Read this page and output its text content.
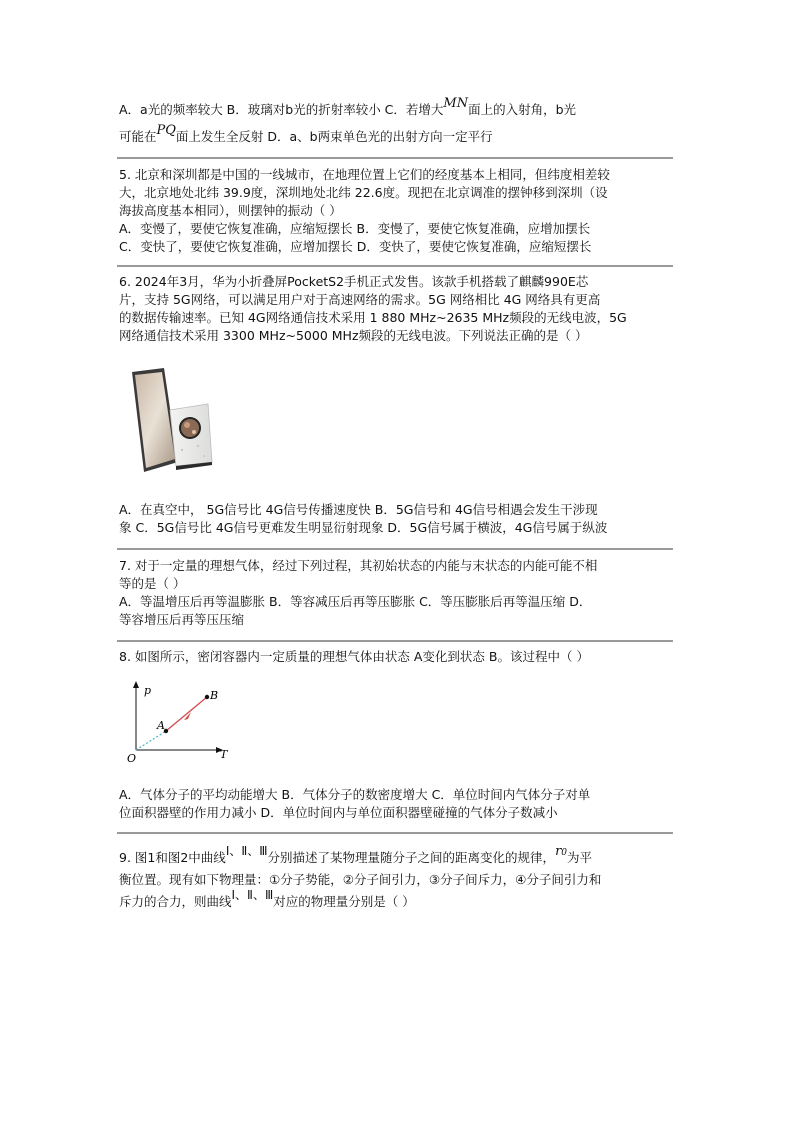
A．a光的频率较大 B．玻璃对b光的折射率较小 C．若增大MN面上的入射角，b光
可能在PQ面上发生全反射 D．a、b两束单色光的出射方向一定平行
5. 北京和深圳都是中国的一线城市，在地理位置上它们的经度基本上相同，但纬度相差较
大，北京地处北纬 39.9度，深圳地处北纬 22.6度。现把在北京调准的摆钟移到深圳（设
海拔高度基本相同），则摆钟的振动（ ）
A．变慢了，要使它恢复准确，应缩短摆长 B．变慢了，要使它恢复准确，应增加摆长
C．变快了，要使它恢复准确，应增加摆长 D．变快了，要使它恢复准确，应缩短摆长
6. 2024年3月，华为小折叠屏PocketS2手机正式发售。该款手机搭载了麒麟990E芯
片，支持 5G网络，可以满足用户对于高速网络的需求。5G 网络相比 4G 网络具有更高
的数据传输速率。已知 4G网络通信技术采用 1 880 MHz~2635 MHz频段的无线电波，5G
网络通信技术采用 3300 MHz~5000 MHz频段的无线电波。下列说法正确的是（ ）
A．在真空中， 5G信号比 4G信号传播速度快 B．5G信号和 4G信号相遇会发生干涉现
象 C．5G信号比 4G信号更难发生明显衍射现象 D．5G信号属于横波，4G信号属于纵波
7. 对于一定量的理想气体，经过下列过程，其初始状态的内能与末状态的内能可能不相
等的是（ ）
A．等温增压后再等温膨胀 B．等容减压后再等压膨胀 C．等压膨胀后再等温压缩 D．
等容增压后再等压压缩
8. 如图所示，密闭容器内一定质量的理想气体由状态 A变化到状态 B。该过程中（ ）
p
T
O
A
B
A．气体分子的平均动能增大 B．气体分子的数密度增大 C．单位时间内气体分子对单
位面积器壁的作用力减小 D．单位时间内与单位面积器壁碰撞的气体分子数减小
9. 图1和图2中曲线Ⅰ、Ⅱ、Ⅲ分别描述了某物理量随分子之间的距离变化的规律，r0为平
衡位置。现有如下物理量：①分子势能，②分子间引力，③分子间斥力，④分子间引力和
斥力的合力，则曲线Ⅰ、Ⅱ、Ⅲ对应的物理量分别是（ ）
